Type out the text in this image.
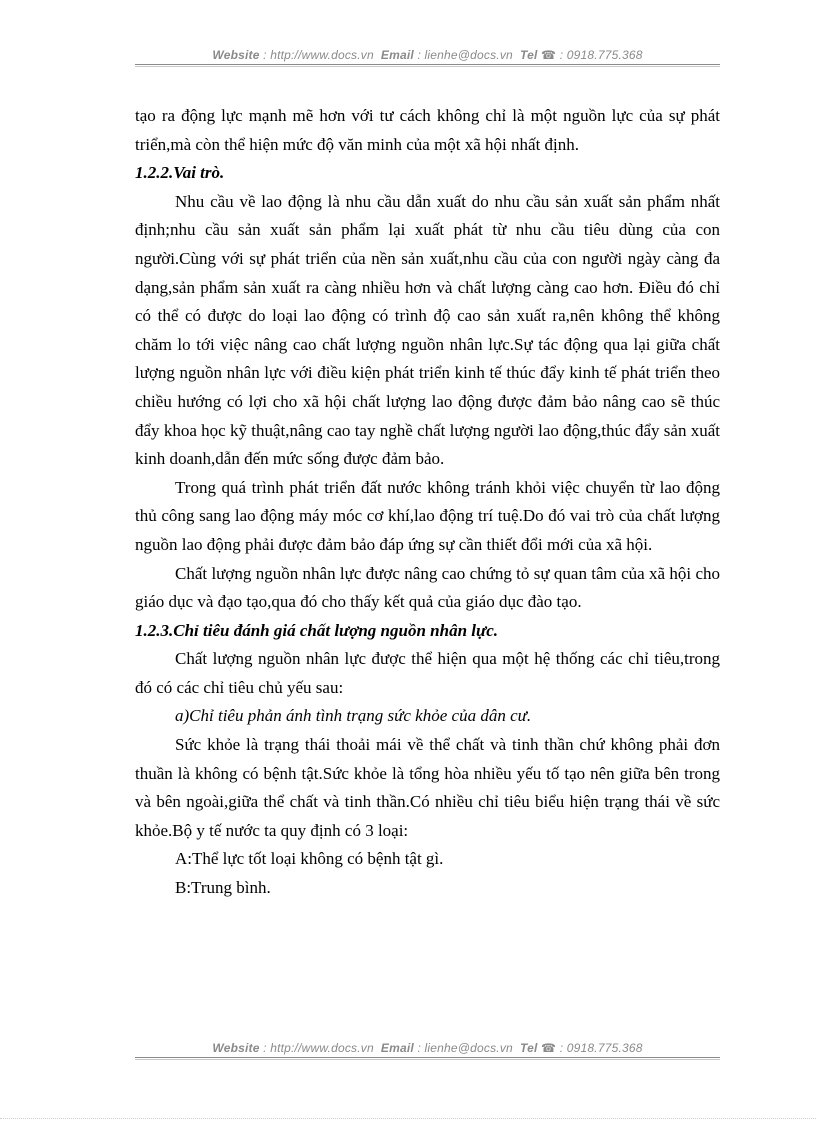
Website : http://www.docs.vn Email : lienhe@docs.vn Tel ☎ : 0918.775.368

tạo ra động lực mạnh mẽ hơn với tư cách không chỉ là một nguồn lực của sự phát triển,mà còn thể hiện mức độ văn minh của một xã hội nhất định.

1.2.2.Vai trò.

Nhu cầu về lao động là nhu cầu dẫn xuất do nhu cầu sản xuất sản phẩm nhất định;nhu cầu sản xuất sản phẩm lại xuất phát từ nhu cầu tiêu dùng của con người.Cùng với sự phát triển của nền sản xuất,nhu cầu của con người ngày càng đa dạng,sản phẩm sản xuất ra càng nhiều hơn và chất lượng càng cao hơn. Điều đó chỉ có thể có được do loại lao động có trình độ cao sản xuất ra,nên không thể không chăm lo tới việc nâng cao chất lượng nguồn nhân lực.Sự tác động qua lại giữa chất lượng nguồn nhân lực với điều kiện phát triển kinh tế thúc đẩy kinh tế phát triển theo chiều hướng có lợi cho xã hội chất lượng lao động được đảm bảo nâng cao sẽ thúc đẩy khoa học kỹ thuật,nâng cao tay nghề chất lượng người lao động,thúc đẩy sản xuất kinh doanh,dẫn đến mức sống được đảm bảo.

Trong quá trình phát triển đất nước không tránh khỏi việc chuyển từ lao động thủ công sang lao động máy móc cơ khí,lao động trí tuệ.Do đó vai trò của chất lượng nguồn lao động phải được đảm bảo đáp ứng sự cần thiết đổi mới của xã hội.

Chất lượng nguồn nhân lực được nâng cao chứng tỏ sự quan tâm của xã hội cho giáo dục và đạo tạo,qua đó cho thấy kết quả của giáo dục đào tạo.

1.2.3.Chỉ tiêu đánh giá chất lượng nguồn nhân lực.

Chất lượng nguồn nhân lực được thể hiện qua một hệ thống các chỉ tiêu,trong đó có các chỉ tiêu chủ yếu sau:

a)Chỉ tiêu phản ánh tình trạng sức khỏe của dân cư.

Sức khỏe là trạng thái thoải mái về thể chất và tinh thần chứ không phải đơn thuần là không có bệnh tật.Sức khỏe là tổng hòa nhiều yếu tố tạo nên giữa bên trong và bên ngoài,giữa thể chất và tinh thần.Có nhiều chỉ tiêu biểu hiện trạng thái về sức khỏe.Bộ y tế nước ta quy định có 3 loại:

A:Thể lực tốt loại không có bệnh tật gì.

B:Trung bình.

Website : http://www.docs.vn Email : lienhe@docs.vn Tel ☎ : 0918.775.368
